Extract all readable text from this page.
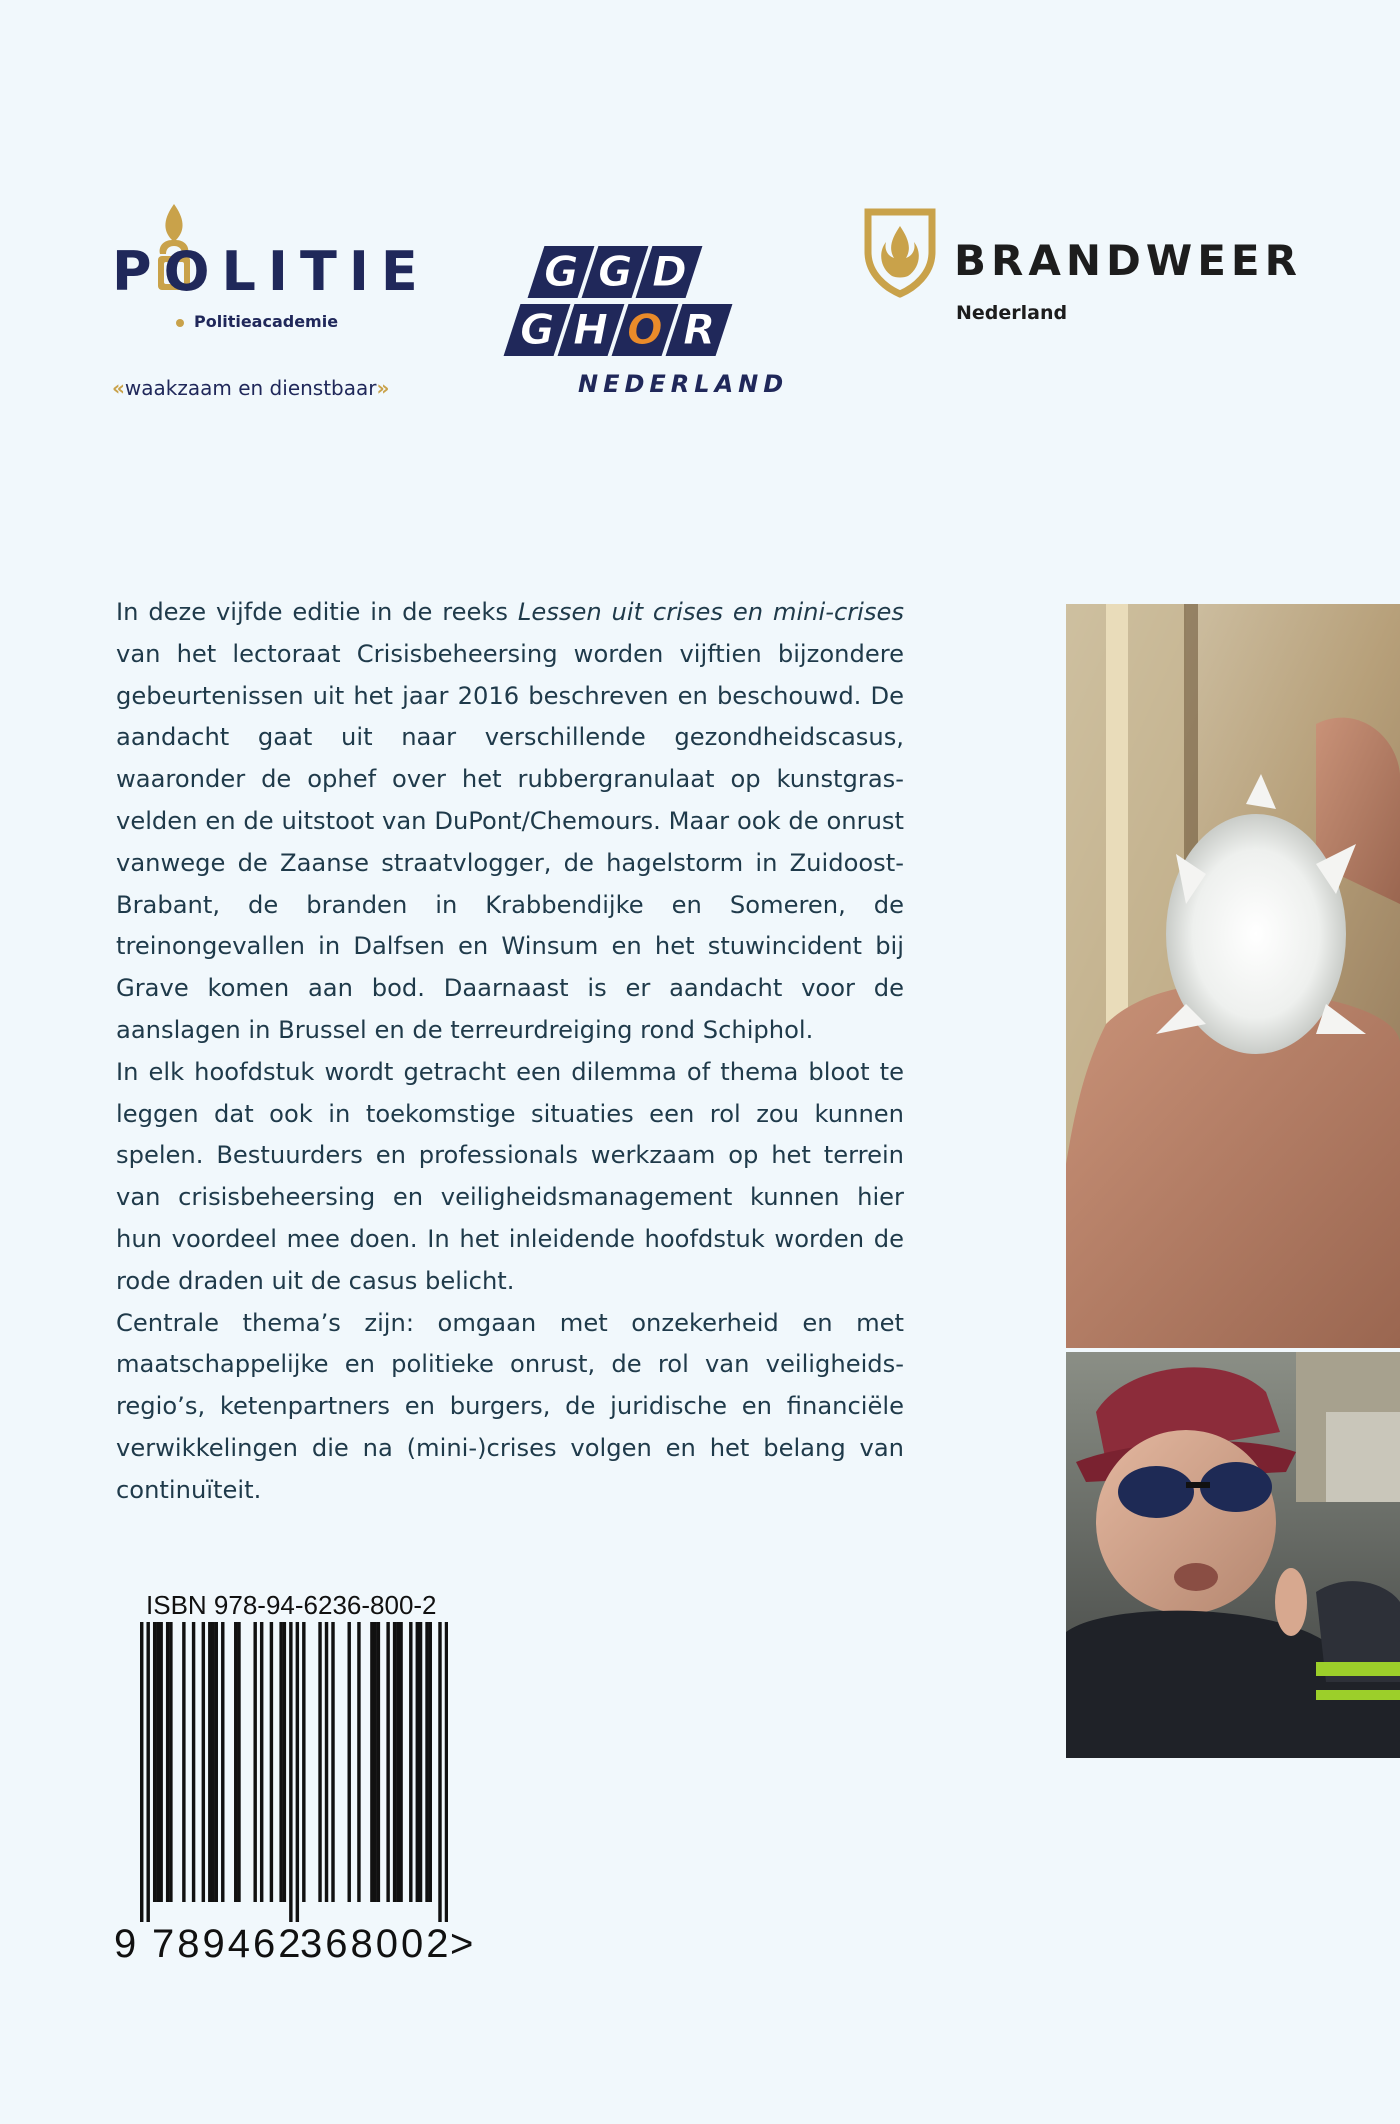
POLITIE
Politieacademie
«waakzaam en dienstbaar»
G G D
G H O R
NEDERLAND
BRANDWEER
Nederland

In deze vijfde editie in de reeks Lessen uit crises en mini-crises van het lectoraat Crisisbeheersing worden vijftien bijzondere gebeurtenissen uit het jaar 2016 beschreven en beschouwd. De aandacht gaat uit naar verschillende gezondheidscasus, waaronder de ophef over het rubbergranulaat op kunstgrasvelden en de uitstoot van DuPont/Chemours. Maar ook de onrust vanwege de Zaanse straatvlogger, de hagelstorm in Zuidoost-Brabant, de branden in Krabbendijke en Someren, de treinongevallen in Dalfsen en Winsum en het stuwincident bij Grave komen aan bod. Daarnaast is er aandacht voor de aanslagen in Brussel en de terreurdreiging rond Schiphol.

In elk hoofdstuk wordt getracht een dilemma of thema bloot te leggen dat ook in toekomstige situaties een rol zou kunnen spelen. Bestuurders en professionals werkzaam op het terrein van crisisbeheersing en veiligheidsmanagement kunnen hier hun voordeel mee doen. In het inleidende hoofdstuk worden de rode draden uit de casus belicht.

Centrale thema’s zijn: omgaan met onzekerheid en met maatschappelijke en politieke onrust, de rol van veiligheidsregio’s, ketenpartners en burgers, de juridische en financiële verwikkelingen die na (mini-)crises volgen en het belang van continuïteit.

ISBN 978-94-6236-800-2
9 789462368002>
